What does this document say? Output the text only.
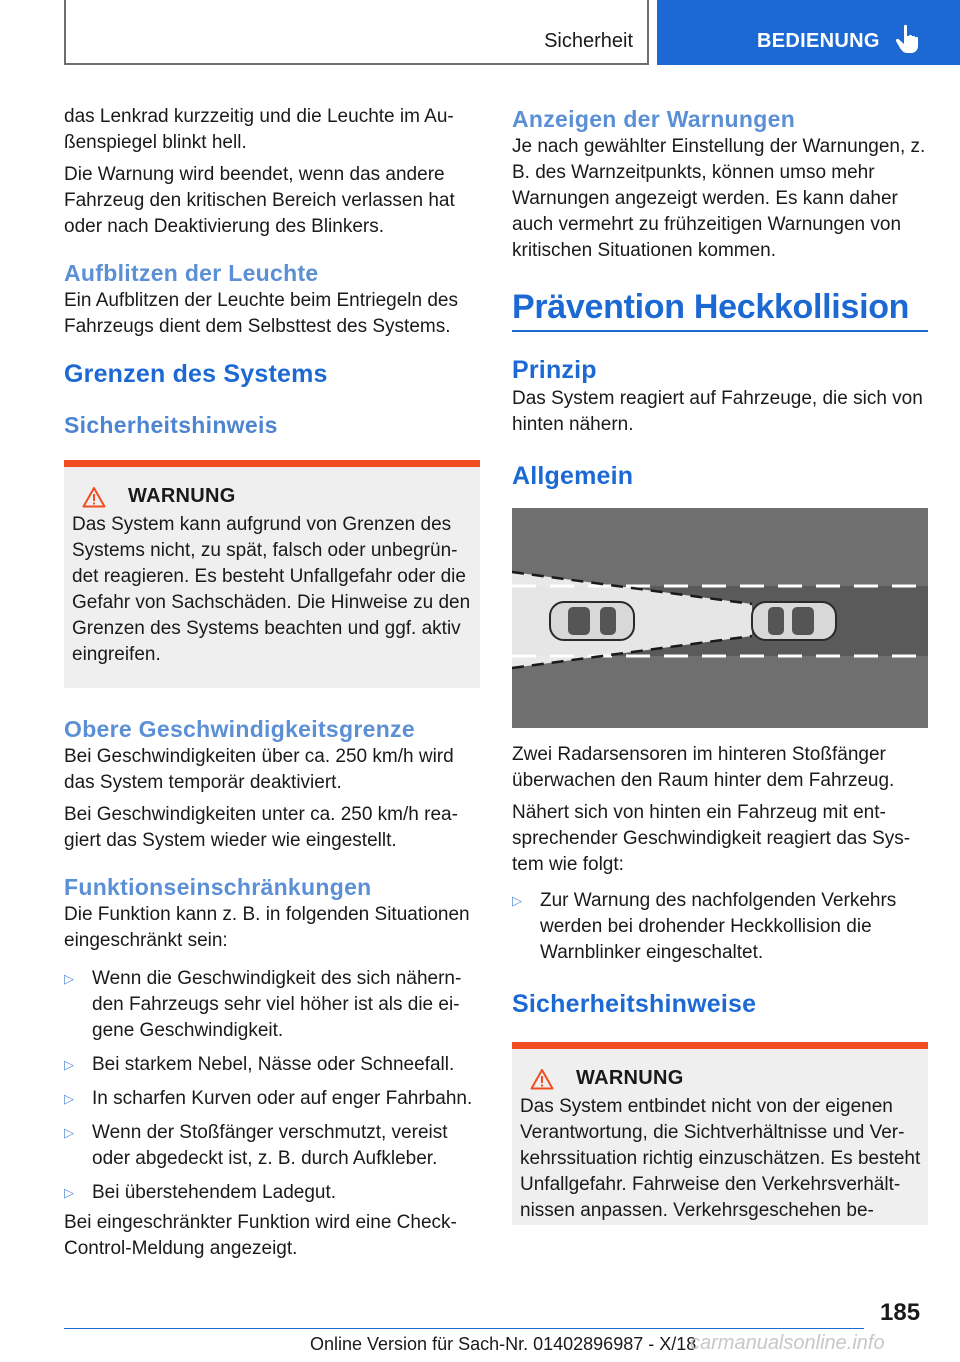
Sicherheit	BEDIENUNG
das Lenkrad kurzzeitig und die Leuchte im Au-ßenspiegel blinkt hell.
Die Warnung wird beendet, wenn das andere Fahrzeug den kritischen Bereich verlassen hat oder nach Deaktivierung des Blinkers.
Aufblitzen der Leuchte
Ein Aufblitzen der Leuchte beim Entriegeln des Fahrzeugs dient dem Selbsttest des Systems.
Grenzen des Systems
Sicherheitshinweis
WARNUNG
Das System kann aufgrund von Grenzen des Systems nicht, zu spät, falsch oder unbegrün-det reagieren. Es besteht Unfallgefahr oder die Gefahr von Sachschäden. Die Hinweise zu den Grenzen des Systems beachten und ggf. aktiv eingreifen.
Obere Geschwindigkeitsgrenze
Bei Geschwindigkeiten über ca. 250 km/h wird das System temporär deaktiviert.
Bei Geschwindigkeiten unter ca. 250 km/h rea-giert das System wieder wie eingestellt.
Funktionseinschränkungen
Die Funktion kann z. B. in folgenden Situationen eingeschränkt sein:
▷ Wenn die Geschwindigkeit des sich nähern-den Fahrzeugs sehr viel höher ist als die ei-gene Geschwindigkeit.
▷ Bei starkem Nebel, Nässe oder Schneefall.
▷ In scharfen Kurven oder auf enger Fahrbahn.
▷ Wenn der Stoßfänger verschmutzt, vereist oder abgedeckt ist, z. B. durch Aufkleber.
▷ Bei überstehendem Ladegut.
Bei eingeschränkter Funktion wird eine Check-Control-Meldung angezeigt.
Anzeigen der Warnungen
Je nach gewählter Einstellung der Warnungen, z. B. des Warnzeitpunkts, können umso mehr Warnungen angezeigt werden. Es kann daher auch vermehrt zu frühzeitigen Warnungen von kritischen Situationen kommen.
Prävention Heckkollision
Prinzip
Das System reagiert auf Fahrzeuge, die sich von hinten nähern.
Allgemein
Zwei Radarsensoren im hinteren Stoßfänger überwachen den Raum hinter dem Fahrzeug.
Nähert sich von hinten ein Fahrzeug mit ent-sprechender Geschwindigkeit reagiert das Sys-tem wie folgt:
▷ Zur Warnung des nachfolgenden Verkehrs werden bei drohender Heckkollision die Warnblinker eingeschaltet.
Sicherheitshinweise
WARNUNG
Das System entbindet nicht von der eigenen Verantwortung, die Sichtverhältnisse und Ver-kehrssituation richtig einzuschätzen. Es besteht Unfallgefahr. Fahrweise den Verkehrsverhält-nissen anpassen. Verkehrsgeschehen be-
185
Online Version für Sach-Nr. 01402896987 - X/18
carmanualsonline.info
